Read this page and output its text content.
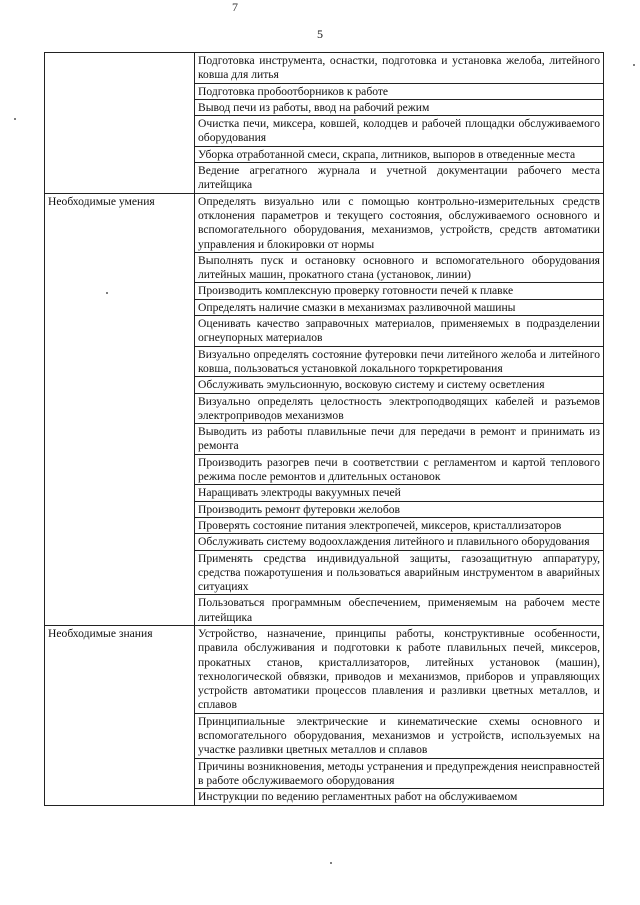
7
5
	Подготовка инструмента, оснастки, подготовка и установка желоба, литейного ковша для литья
	Подготовка пробоотборников к работе
	Вывод печи из работы, ввод на рабочий режим
	Очистка печи, миксера, ковшей, колодцев и рабочей площадки обслуживаемого оборудования
	Уборка отработанной смеси, скрапа, литников, выпоров в отведенные места
	Ведение агрегатного журнала и учетной документации рабочего места литейщика
Необходимые умения	Определять визуально или с помощью контрольно-измерительных средств отклонения параметров и текущего состояния, обслуживаемого основного и вспомогательного оборудования, механизмов, устройств, средств автоматики управления и блокировки от нормы
	Выполнять пуск и остановку основного и вспомогательного оборудования литейных машин, прокатного стана (установок, линии)
	Производить комплексную проверку готовности печей к плавке
	Определять наличие смазки в механизмах разливочной машины
	Оценивать качество заправочных материалов, применяемых в подразделении огнеупорных материалов
	Визуально определять состояние футеровки печи литейного желоба и литейного ковша, пользоваться установкой локального торкретирования
	Обслуживать эмульсионную, восковую систему и систему осветления
	Визуально определять целостность электроподводящих кабелей и разъемов электроприводов механизмов
	Выводить из работы плавильные печи для передачи в ремонт и принимать из ремонта
	Производить разогрев печи в соответствии с регламентом и картой теплового режима после ремонтов и длительных остановок
	Наращивать электроды вакуумных печей
	Производить ремонт футеровки желобов
	Проверять состояние питания электропечей, миксеров, кристаллизаторов
	Обслуживать систему водоохлаждения литейного и плавильного оборудования
	Применять средства индивидуальной защиты, газозащитную аппаратуру, средства пожаротушения и пользоваться аварийным инструментом в аварийных ситуациях
	Пользоваться программным обеспечением, применяемым на рабочем месте литейщика
Необходимые знания	Устройство, назначение, принципы работы, конструктивные особенности, правила обслуживания и подготовки к работе плавильных печей, миксеров, прокатных станов, кристаллизаторов, литейных установок (машин), технологической обвязки, приводов и механизмов, приборов и управляющих устройств автоматики процессов плавления и разливки цветных металлов, и сплавов
	Принципиальные электрические и кинематические схемы основного и вспомогательного оборудования, механизмов и устройств, используемых на участке разливки цветных металлов и сплавов
	Причины возникновения, методы устранения и предупреждения неисправностей в работе обслуживаемого оборудования
	Инструкции по ведению регламентных работ на обслуживаемом
